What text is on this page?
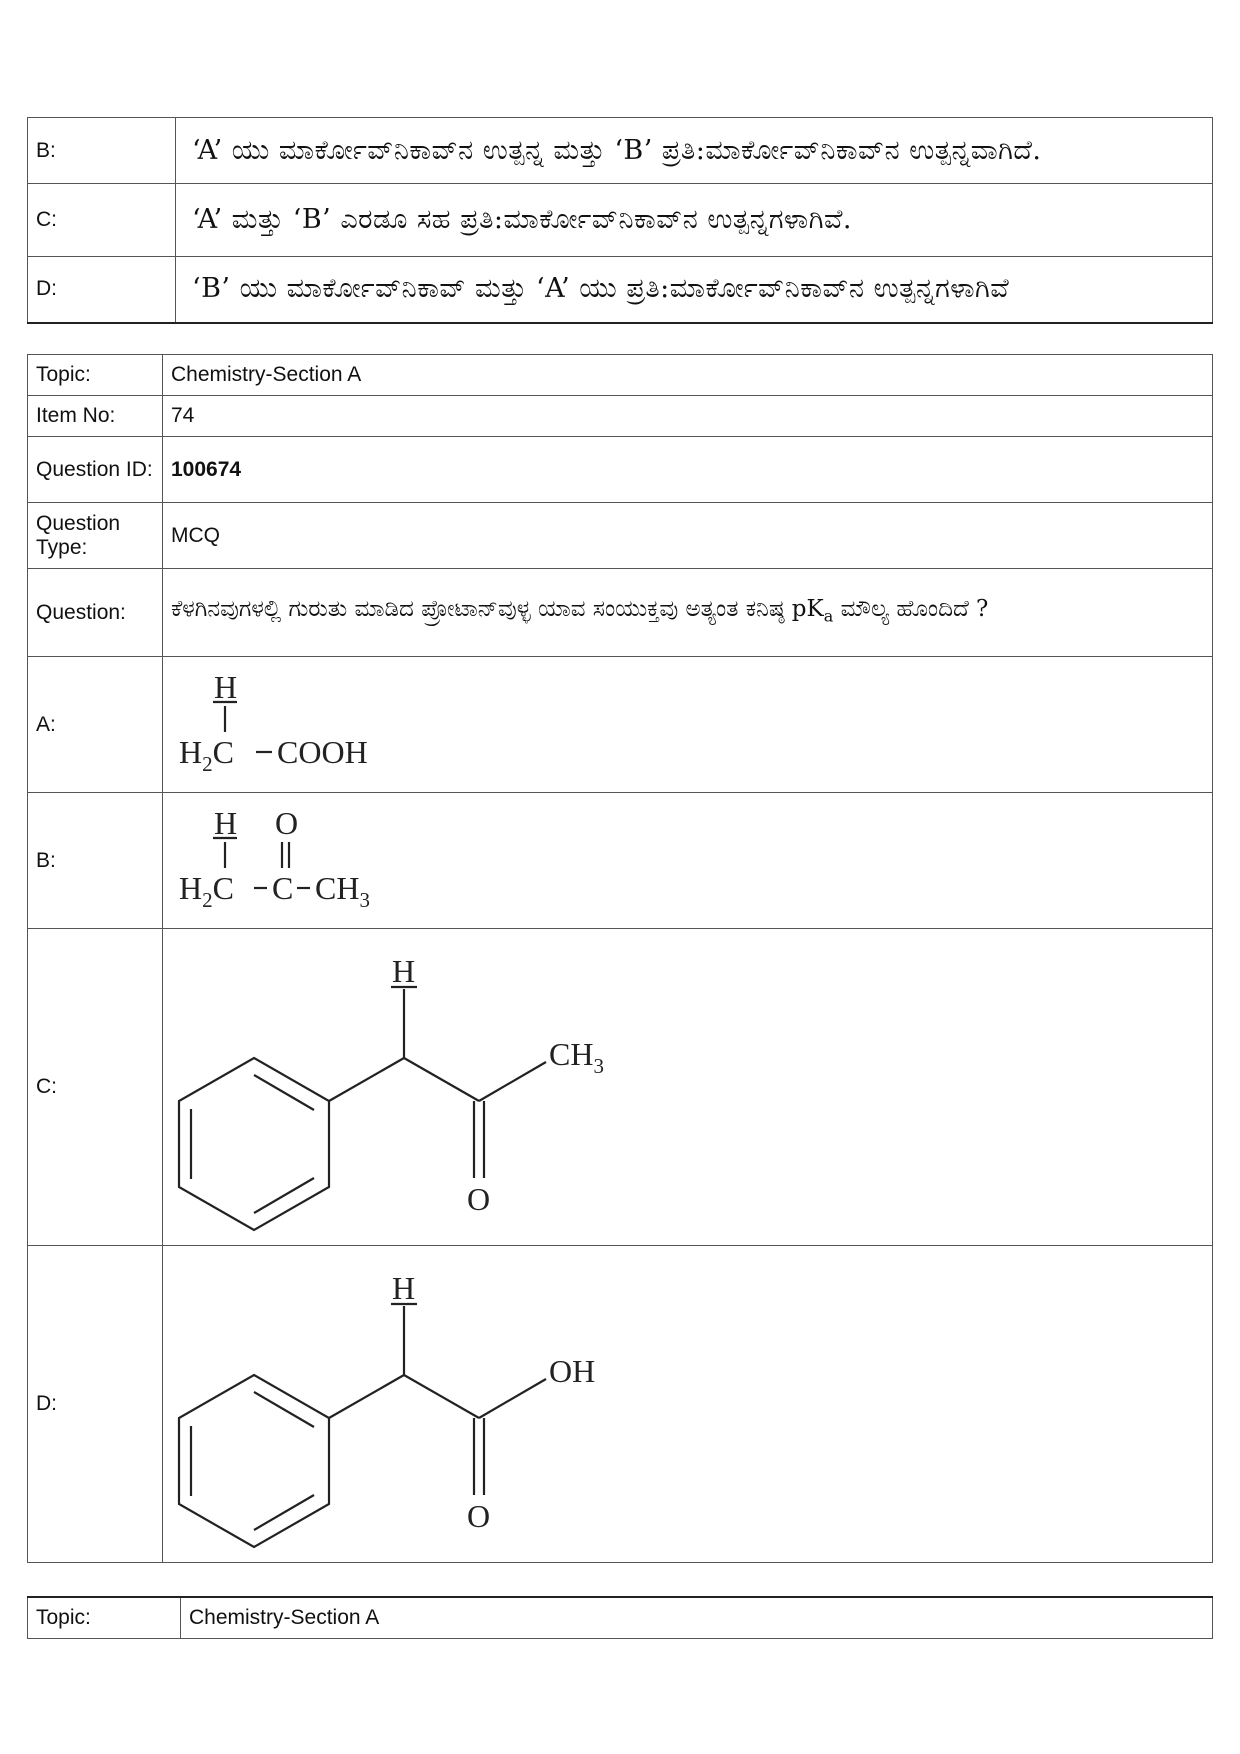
B:	‘A’ ಯು ಮಾರ್ಕೋವ್‌ನಿಕಾವ್‌ನ ಉತ್ಪನ್ನ ಮತ್ತು ‘B’ ಪ್ರತಿ:ಮಾರ್ಕೋವ್‌ನಿಕಾವ್‌ನ ಉತ್ಪನ್ನವಾಗಿದೆ.
C:	‘A’ ಮತ್ತು ‘B’ ಎರಡೂ ಸಹ ಪ್ರತಿ:ಮಾರ್ಕೋವ್‌ನಿಕಾವ್‌ನ ಉತ್ಪನ್ನಗಳಾಗಿವೆ.
D:	‘B’ ಯು ಮಾರ್ಕೋವ್‌ನಿಕಾವ್ ಮತ್ತು ‘A’ ಯು ಪ್ರತಿ:ಮಾರ್ಕೋವ್‌ನಿಕಾವ್‌ನ ಉತ್ಪನ್ನಗಳಾಗಿವೆ
Topic:	Chemistry-Section A
Item No:	74
Question ID:	100674
Question Type:	MCQ
Question:	ಕೆಳಗಿನವುಗಳಲ್ಲಿ ಗುರುತು ಮಾಡಿದ ಪ್ರೋಟಾನ್‌ವುಳ್ಳ ಯಾವ ಸಂಯುಕ್ತವು ಅತ್ಯಂತ ಕನಿಷ್ಠ $pK_a$ ಮೌಲ್ಯ ಹೊಂದಿದೆ ?
A:	H
$H_2C$ COOH

B:	H O
$H_2C$ C $CH_3$

C:	H
$CH_3$
O

D:	H
OH
O
Topic:	Chemistry-Section A
